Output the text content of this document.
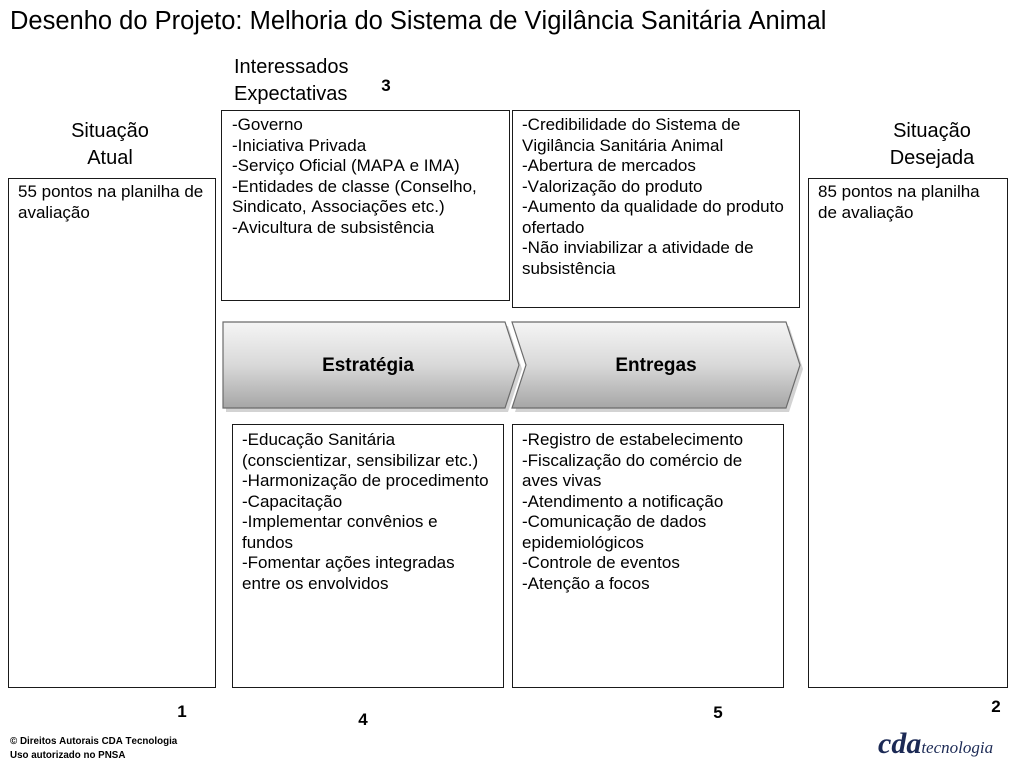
Desenho do Projeto: Melhoria do Sistema de Vigilância Sanitária Animal
Interessados
Expectativas	3
Situação
Atual
Situação
Desejada
55 pontos na planilha de avaliação
85 pontos na planilha de avaliação
-Governo
-Iniciativa Privada
-Serviço Oficial (MAPA e IMA)
-Entidades de classe (Conselho, Sindicato, Associações etc.)
-Avicultura de subsistência
-Credibilidade do Sistema de Vigilância Sanitária Animal
-Abertura de mercados
-Valorização do produto
-Aumento da qualidade do produto ofertado
-Não inviabilizar a atividade de subsistência
Estratégia	Entregas
-Educação Sanitária (conscientizar, sensibilizar etc.)
-Harmonização de procedimento
-Capacitação
-Implementar convênios e fundos
-Fomentar ações integradas entre os envolvidos
-Registro de estabelecimento
-Fiscalização do comércio de aves vivas
-Atendimento a notificação
-Comunicação de dados epidemiológicos
-Controle de eventos
-Atenção a focos
1	4	5	2
© Direitos Autorais CDA Tecnologia
Uso autorizado no PNSA	cdatecnologia
